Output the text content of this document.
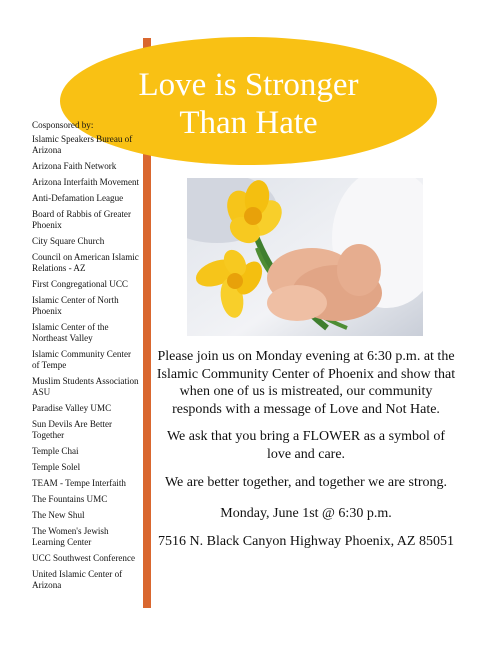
Love is Stronger
Than Hate
Cosponsored by:
Islamic Speakers Bureau of Arizona
Arizona Faith Network
Arizona Interfaith Movement
Anti-Defamation League
Board of Rabbis of Greater Phoenix
City Square Church
Council on American Islamic Relations - AZ
First Congregational UCC
Islamic Center of North Phoenix
Islamic Center of the Northeast Valley
Islamic Community Center of Tempe
Muslim Students Association ASU
Paradise Valley UMC
Sun Devils Are Better Together
Temple Chai
Temple Solel
TEAM - Tempe Interfaith
The Fountains UMC
The New Shul
The Women's Jewish Learning Center
UCC Southwest Conference
United Islamic Center of Arizona

Please join us on Monday evening at 6:30 p.m. at the Islamic Community Center of Phoenix and show that when one of us is mistreated, our community responds with a message of Love and Not Hate.

We ask that you bring a FLOWER as a symbol of love and care.

We are better together, and together we are strong.

Monday, June 1st @ 6:30 p.m.

7516 N. Black Canyon Highway Phoenix, AZ 85051
